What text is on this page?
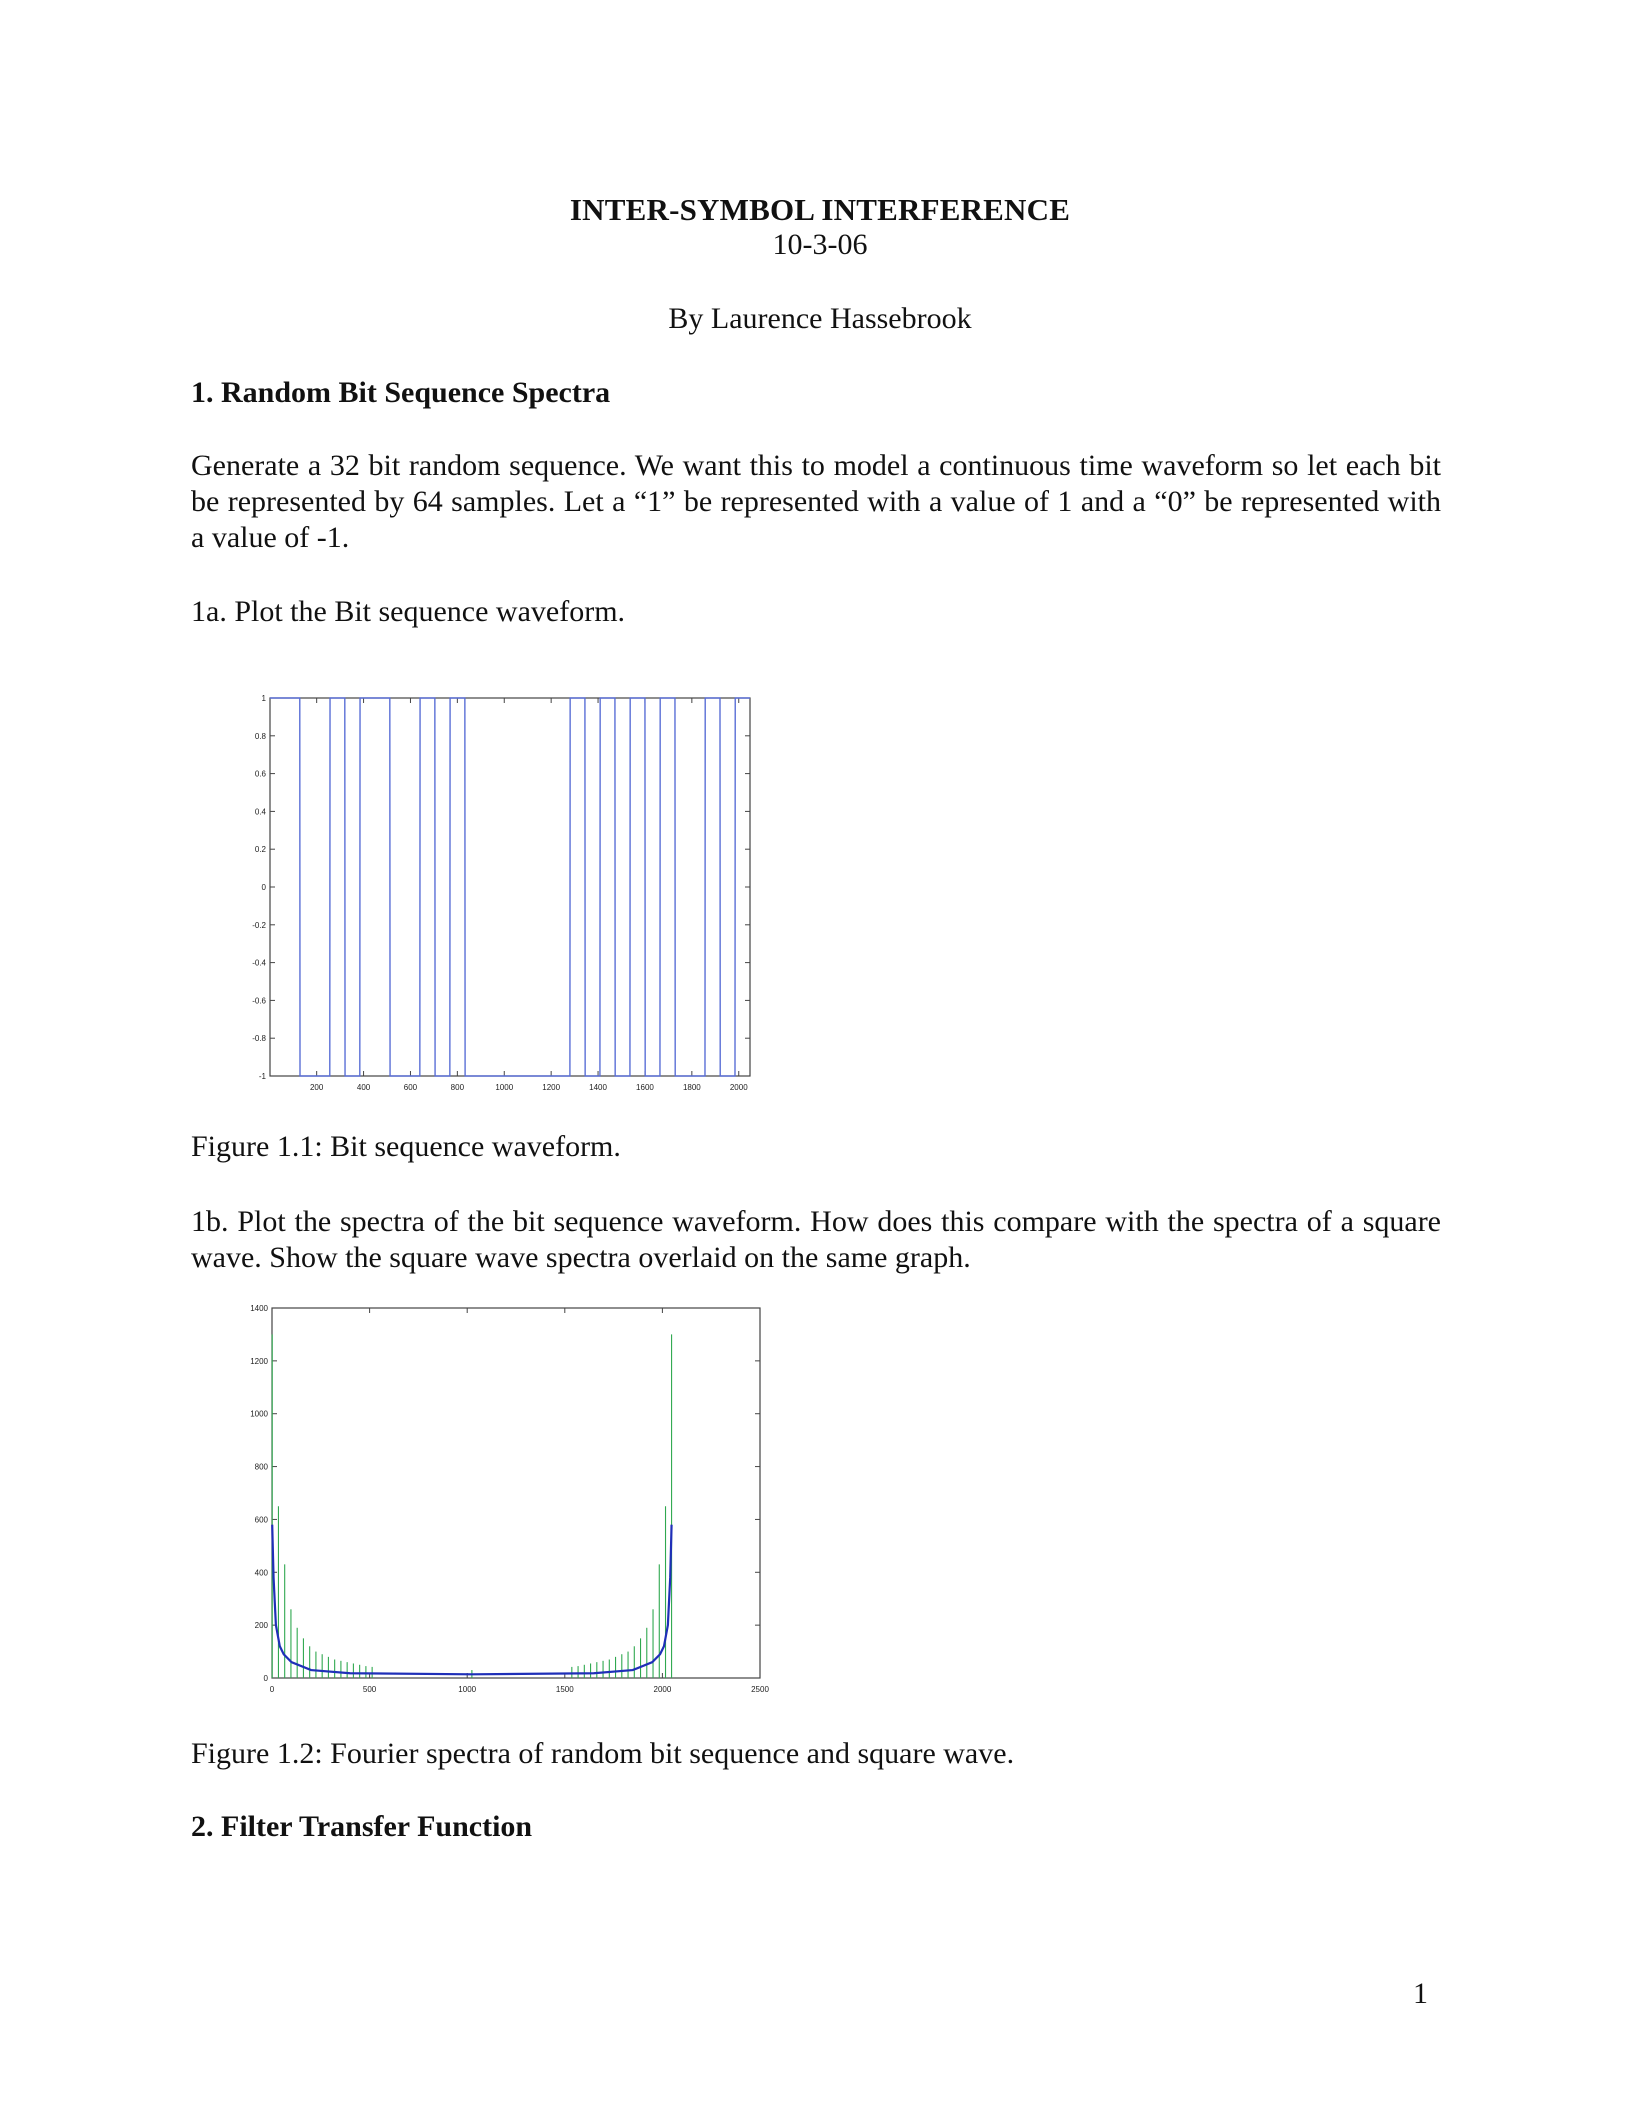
INTER-SYMBOL INTERFERENCE
10-3-06
By Laurence Hassebrook
1. Random Bit Sequence Spectra
Generate a 32 bit random sequence. We want this to model a continuous time waveform so let each bit be represented by 64 samples. Let a “1” be represented with a value of 1 and a “0” be represented with a value of -1.
1a. Plot the Bit sequence waveform.
200	400	600	800	1000	1200	1400	1600	1800	2000
-1
-0.8
-0.6
-0.4
-0.2
0
0.2
0.4
0.6
0.8
1
Figure 1.1: Bit sequence waveform.
1b. Plot the spectra of the bit sequence waveform. How does this compare with the spectra of a square wave. Show the square wave spectra overlaid on the same graph.
0	500	1000	1500	2000	2500
0
200
400
600
800
1000
1200
1400
Figure 1.2: Fourier spectra of random bit sequence and square wave.
2. Filter Transfer Function
1
